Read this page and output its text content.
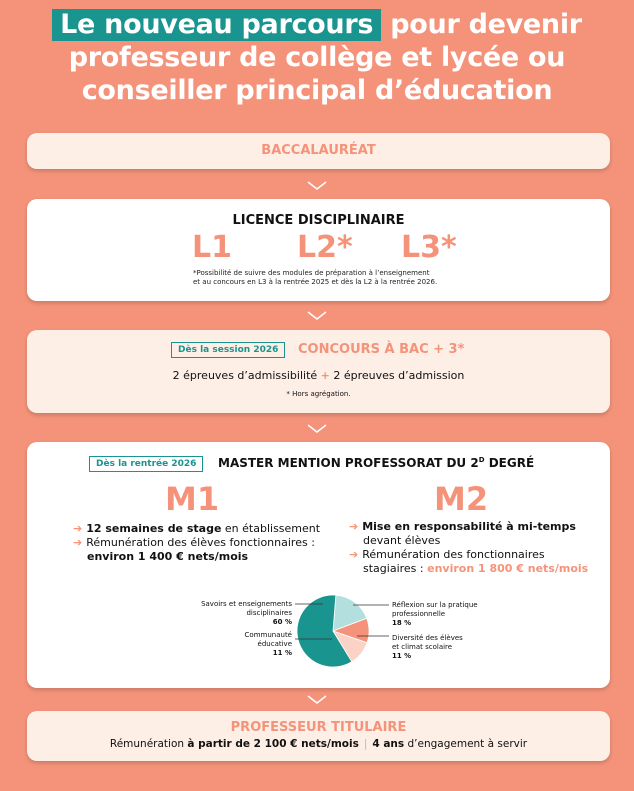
Le nouveau parcours pour devenir
professeur de collège et lycée ou
conseiller principal d’éducation
BACCALAURÉAT
LICENCE DISCIPLINAIRE
L1 L2* L3*
*Possibilité de suivre des modules de préparation à l’enseignement
et au concours en L3 à la rentrée 2025 et dès la L2 à la rentrée 2026.
Dès la session 2026	CONCOURS À BAC + 3*
2 épreuves d’admissibilité + 2 épreuves d’admission
* Hors agrégation.
Dès la rentrée 2026	MASTER MENTION PROFESSORAT DU $2^D$ DEGRÉ
M1	M2
➔ 12 semaines de stage en établissement
➔ Rémunération des élèves fonctionnaires :
environ 1 400 € nets/mois
➔ Mise en responsabilité à mi-temps
devant élèves
➔ Rémunération des fonctionnaires
stagiaires : environ 1 800 € nets/mois
Savoirs et enseignements
disciplinaires
60 %
Communauté
éducative
11 %
Réflexion sur la pratique
professionnelle
18 %
Diversité des élèves
et climat scolaire
11 %
PROFESSEUR TITULAIRE
Rémunération à partir de 2 100 € nets/mois | 4 ans d’engagement à servir
